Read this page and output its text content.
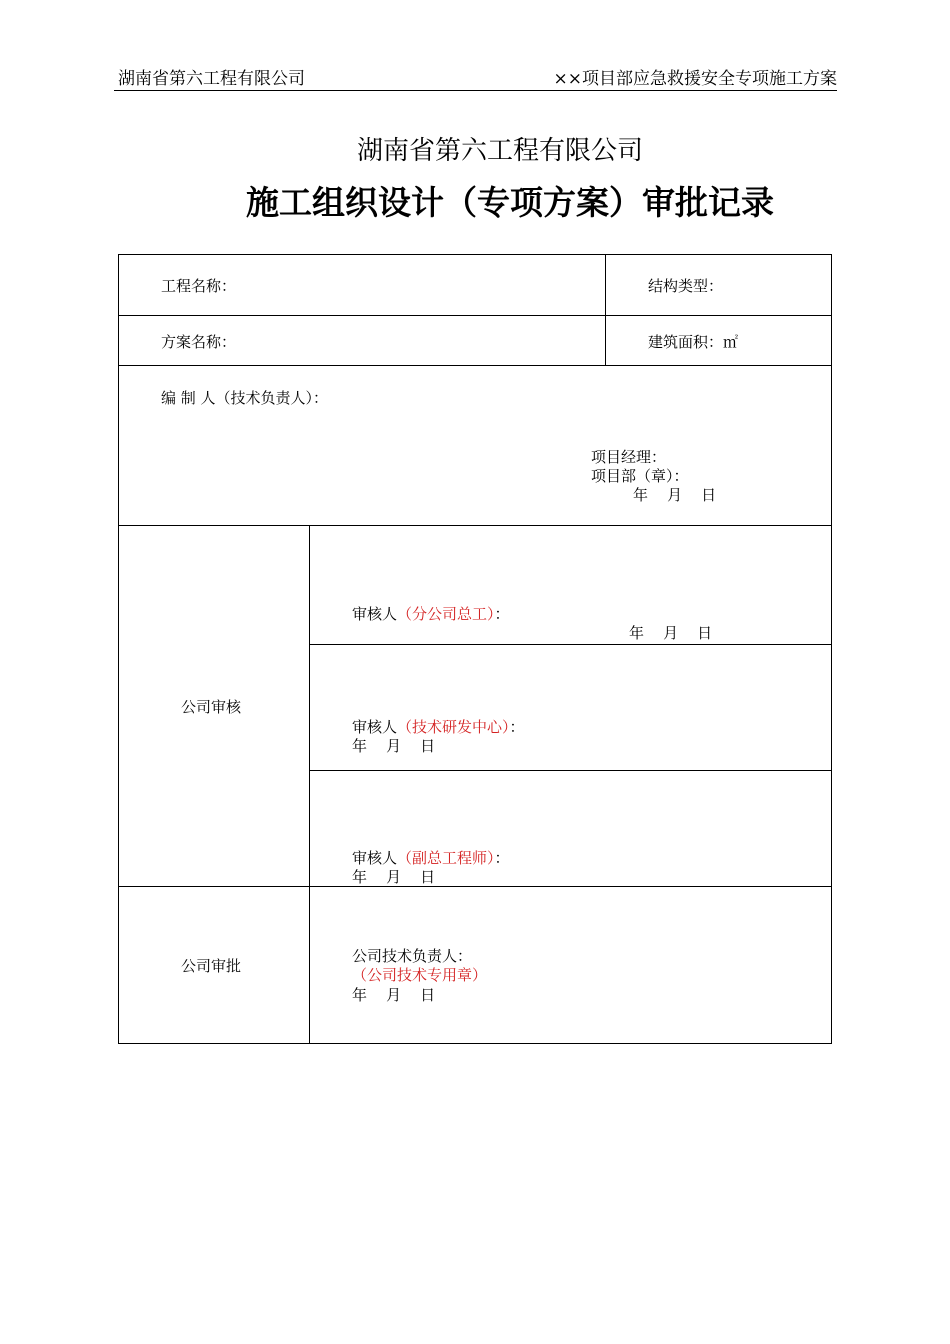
湖南省第六工程有限公司	××项目部应急救援安全专项施工方案
湖南省第六工程有限公司
施工组织设计（专项方案）审批记录
工程名称：	结构类型：
方案名称：	建筑面积：㎡
编 制 人（技术负责人）：
项目经理：
项目部（章）：
年    月    日
公司审核
审核人（分公司总工）：
年    月    日
审核人（技术研发中心）：
年    月    日
审核人（副总工程师）：
年    月    日
公司审批
公司技术负责人：
（公司技术专用章）
年    月    日
